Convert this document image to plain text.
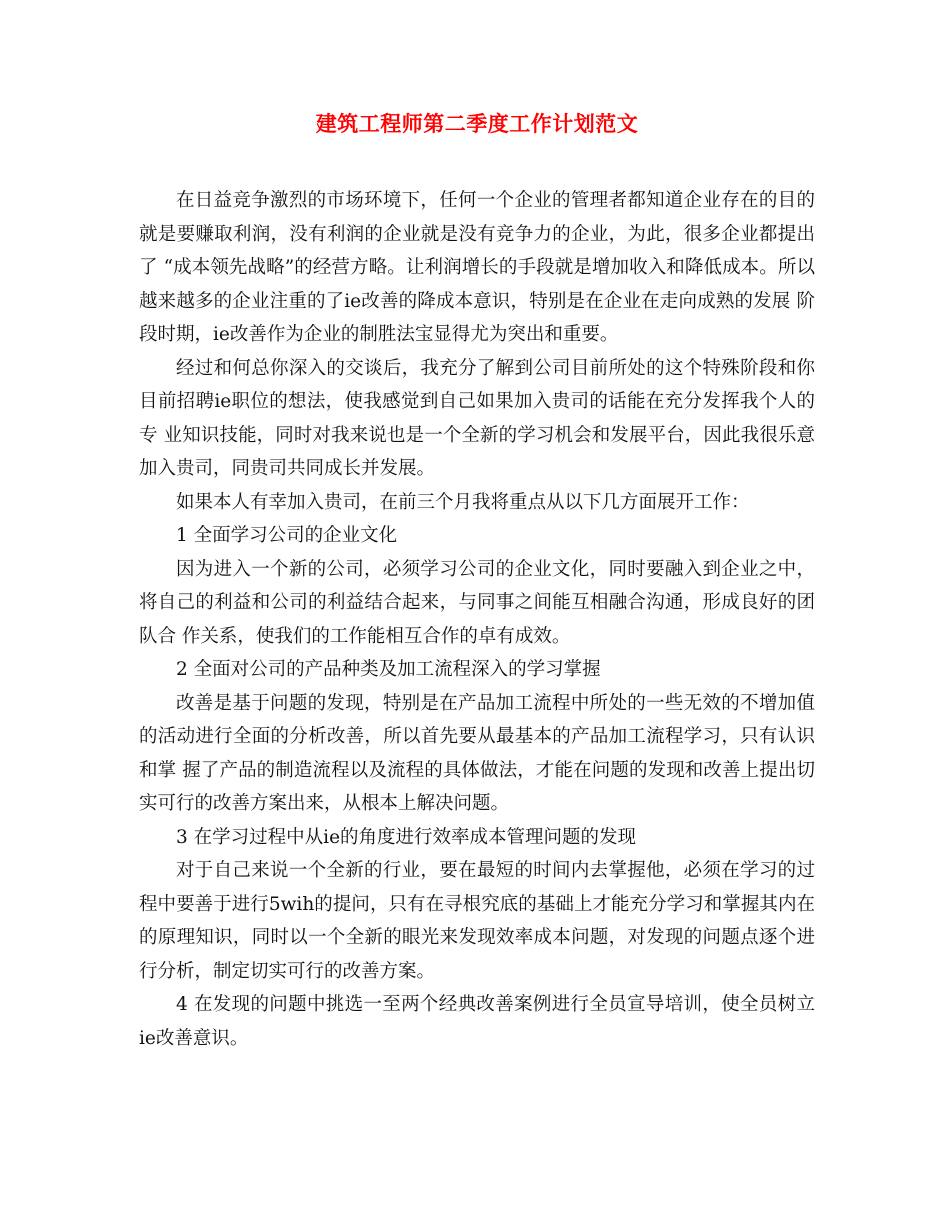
建筑工程师第二季度工作计划范文

在日益竞争激烈的市场环境下，任何一个企业的管理者都知道企业存在的目的就是要赚取利润，没有利润的企业就是没有竞争力的企业，为此，很多企业都提出了 “成本领先战略”的经营方略。让利润增长的手段就是增加收入和降低成本。所以越来越多的企业注重的了ie改善的降成本意识，特别是在企业在走向成熟的发展 阶段时期，ie改善作为企业的制胜法宝显得尤为突出和重要。

经过和何总你深入的交谈后，我充分了解到公司目前所处的这个特殊阶段和你目前招聘ie职位的想法，使我感觉到自己如果加入贵司的话能在充分发挥我个人的专 业知识技能，同时对我来说也是一个全新的学习机会和发展平台，因此我很乐意加入贵司，同贵司共同成长并发展。

如果本人有幸加入贵司，在前三个月我将重点从以下几方面展开工作：

1 全面学习公司的企业文化

因为进入一个新的公司，必须学习公司的企业文化，同时要融入到企业之中，将自己的利益和公司的利益结合起来，与同事之间能互相融合沟通，形成良好的团队合 作关系，使我们的工作能相互合作的卓有成效。

2 全面对公司的产品种类及加工流程深入的学习掌握

改善是基于问题的发现，特别是在产品加工流程中所处的一些无效的不增加值的活动进行全面的分析改善，所以首先要从最基本的产品加工流程学习，只有认识和掌 握了产品的制造流程以及流程的具体做法，才能在问题的发现和改善上提出切实可行的改善方案出来，从根本上解决问题。

3 在学习过程中从ie的角度进行效率成本管理问题的发现

对于自己来说一个全新的行业，要在最短的时间内去掌握他，必须在学习的过程中要善于进行5wih的提问，只有在寻根究底的基础上才能充分学习和掌握其内在 的原理知识，同时以一个全新的眼光来发现效率成本问题，对发现的问题点逐个进行分析，制定切实可行的改善方案。

4 在发现的问题中挑选一至两个经典改善案例进行全员宣导培训，使全员树立ie改善意识。
